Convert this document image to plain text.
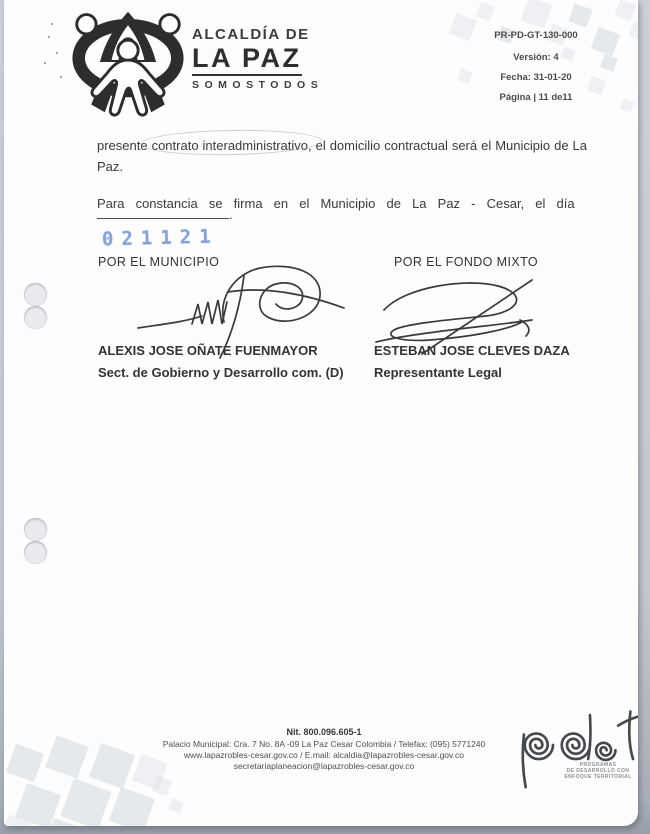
ALCALDÍA DE
LA PAZ
SOMOSTODOS
PR-PD-GT-130-000
Versión: 4
Fecha: 31-01-20
Página | 11 de11
presente contrato interadministrativo, el domicilio contractual será el Municipio de La Paz.
Para constancia se firma en el Municipio de La Paz - Cesar, el día
.
021121
POR EL MUNICIPIO	POR EL FONDO MIXTO
ALEXIS JOSE OÑATE FUENMAYOR
Sect. de Gobierno y Desarrollo com. (D)
ESTEBAN JOSE CLEVES DAZA
Representante Legal
Nit. 800.096.605-1
Palacio Municipal: Cra. 7 No. 8A -09 La Paz Cesar Colombia / Telefax: (095) 5771240
www.lapazrobles-cesar.gov.co / E.mail: alcaldia@lapazrobles-cesar.gov.co
secretariaplaneacion@lapazrobles-cesar.gov.co	PROGRAMAS
DE DESARROLLO CON
ENFOQUE TERRITORIAL
